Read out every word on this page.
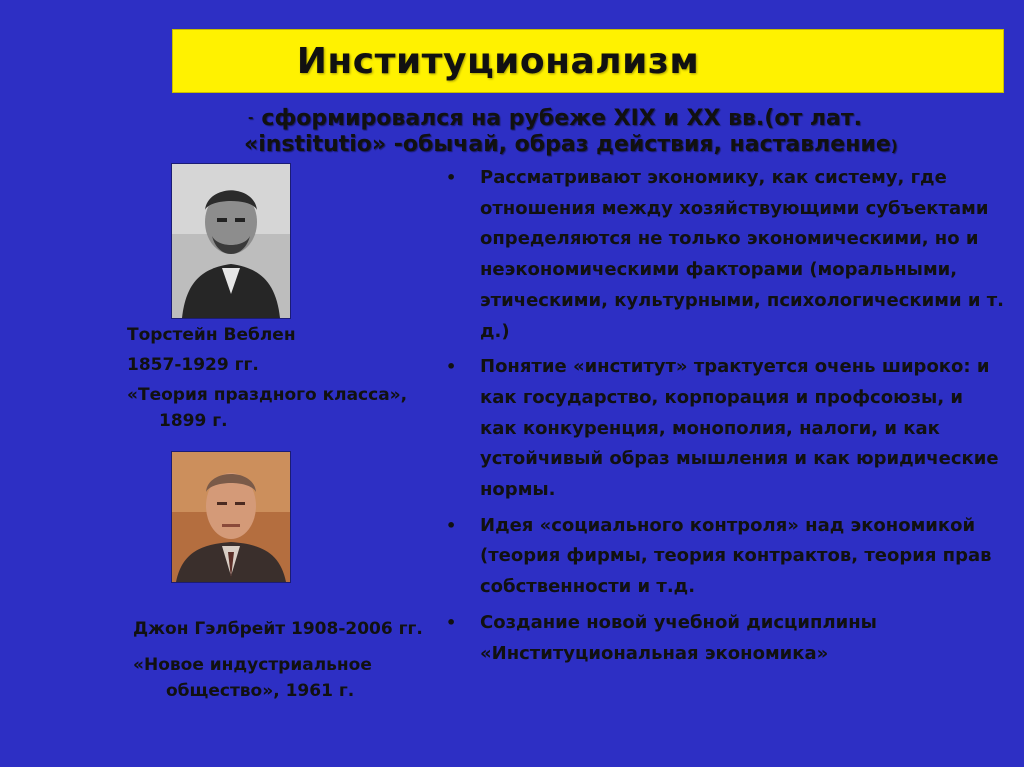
Институционализм
- сформировался на рубеже XIX и XX вв.(от лат.
«institutio» -обычай, образ действия, наставление)
Торстейн Веблен
1857-1929 гг.
«Теория праздного класса»,
1899 г.
Джон Гэлбрейт 1908-2006 гг.
«Новое индустриальное
общество», 1961 г.
• Рассматривают экономику, как систему, где отношения между хозяйствующими субъектами определяются не только экономическими, но и неэкономическими факторами (моральными, этическими, культурными, психологическими и т. д.)
• Понятие «институт» трактуется очень широко: и как государство, корпорация и профсоюзы, и как конкуренция, монополия, налоги, и как устойчивый образ мышления и как юридические нормы.
• Идея «социального контроля» над экономикой (теория фирмы, теория контрактов, теория прав собственности и т.д.
• Создание новой учебной дисциплины «Институциональная экономика»
